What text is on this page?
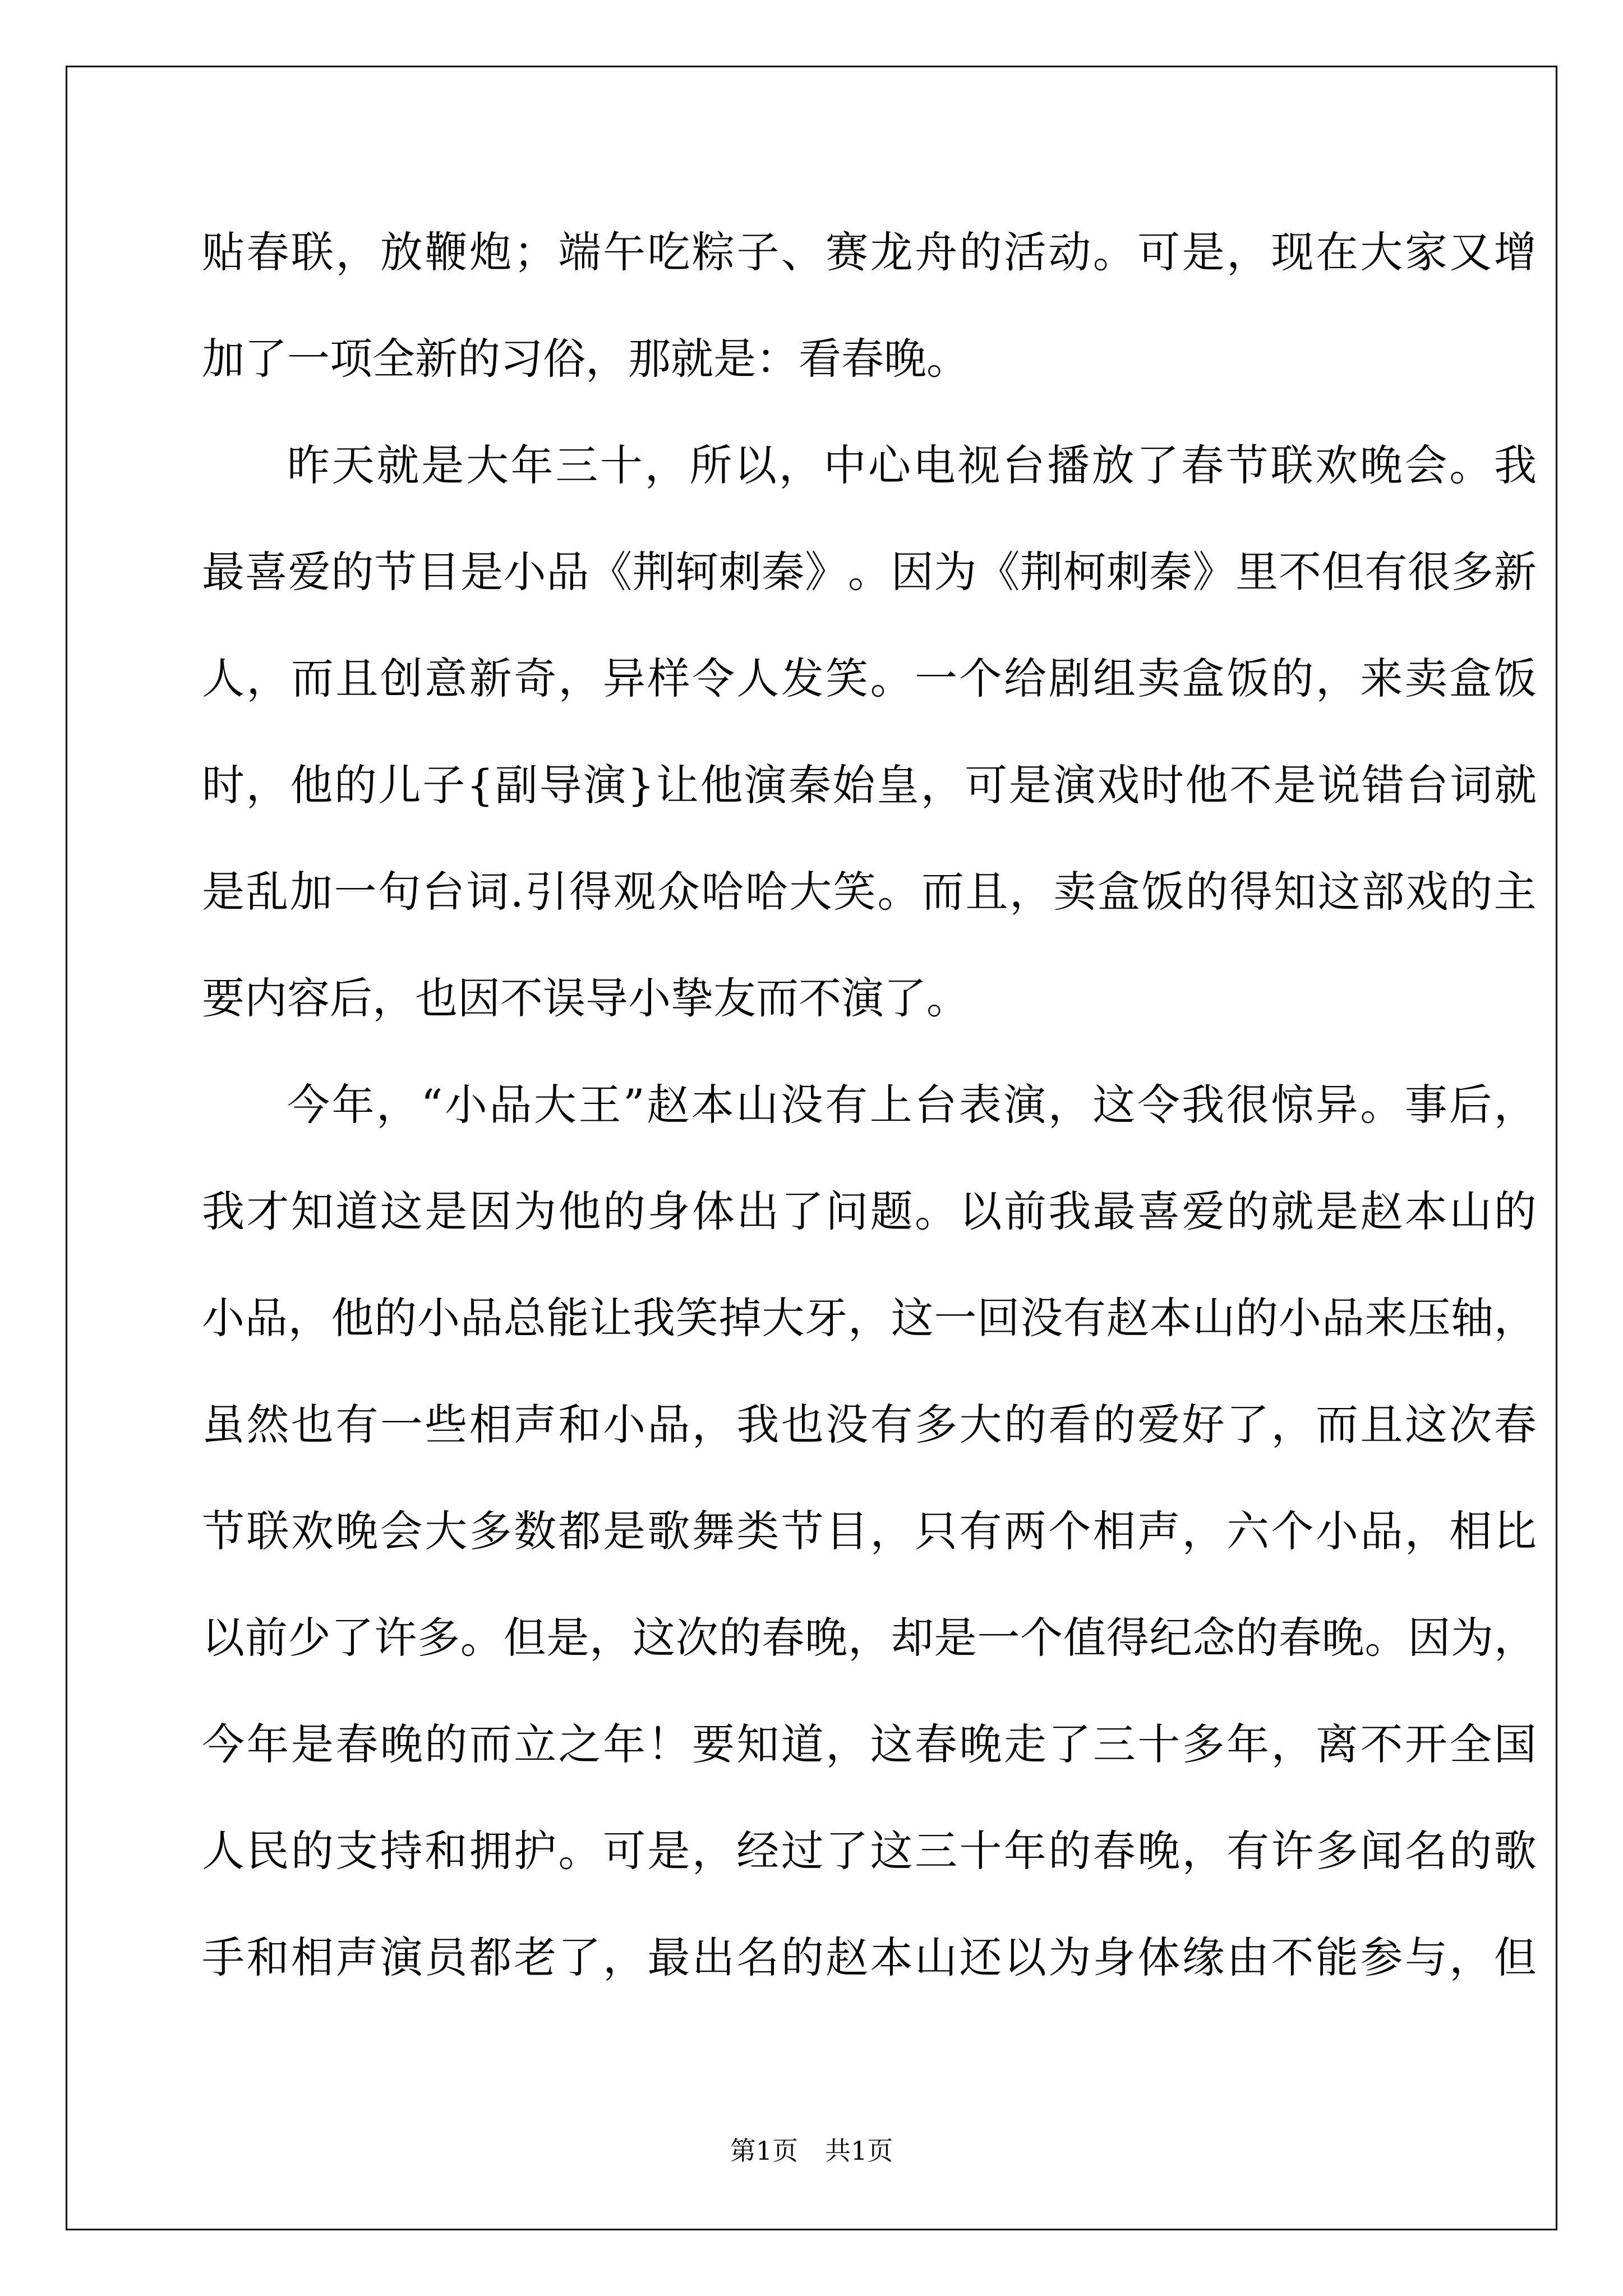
贴 春 联 ， 放 鞭 炮 ； 端 午 吃 粽 子 、 赛 龙 舟 的 活 动 。 可 是 ， 现 在 大 家 又 增
加了一项全新的习俗，那就是：看春晚。
昨 天 就 是 大 年 三 十 ， 所 以 ， 中 心 电 视 台 播 放 了 春 节 联 欢 晚 会 。 我
最 喜 爱 的 节 目 是 小 品 《 荆 轲 刺 秦 》 。 因 为 《 荆 柯 刺 秦 》 里 不 但 有 很 多 新
人 ， 而 且 创 意 新 奇 ， 异 样 令 人 发 笑 。 一 个 给 剧 组 卖 盒 饭 的 ， 来 卖 盒 饭
时 ， 他 的 儿 子 { 副 导 演 } 让 他 演 秦 始 皇 ， 可 是 演 戏 时 他 不 是 说 错 台 词 就
是 乱 加 一 句 台 词 . 引 得 观 众 哈 哈 大 笑 。 而 且 ， 卖 盒 饭 的 得 知 这 部 戏 的 主
要内容后，也因不误导小挚友而不演了。
今 年 ， “ 小 品 大 王 ” 赵 本 山 没 有 上 台 表 演 ， 这 令 我 很 惊 异 。 事 后 ，
我 才 知 道 这 是 因 为 他 的 身 体 出 了 问 题 。 以 前 我 最 喜 爱 的 就 是 赵 本 山 的
小 品 ， 他 的 小 品 总 能 让 我 笑 掉 大 牙 ， 这 一 回 没 有 赵 本 山 的 小 品 来 压 轴 ，
虽 然 也 有 一 些 相 声 和 小 品 ， 我 也 没 有 多 大 的 看 的 爱 好 了 ， 而 且 这 次 春
节 联 欢 晚 会 大 多 数 都 是 歌 舞 类 节 目 ， 只 有 两 个 相 声 ， 六 个 小 品 ， 相 比
以 前 少 了 许 多 。 但 是 ， 这 次 的 春 晚 ， 却 是 一 个 值 得 纪 念 的 春 晚 。 因 为 ，
今 年 是 春 晚 的 而 立 之 年 ！ 要 知 道 ， 这 春 晚 走 了 三 十 多 年 ， 离 不 开 全 国
人 民 的 支 持 和 拥 护 。 可 是 ， 经 过 了 这 三 十 年 的 春 晚 ， 有 许 多 闻 名 的 歌
手 和 相 声 演 员 都 老 了 ， 最 出 名 的 赵 本 山 还 以 为 身 体 缘 由 不 能 参 与 ， 但
第1页 共1页
